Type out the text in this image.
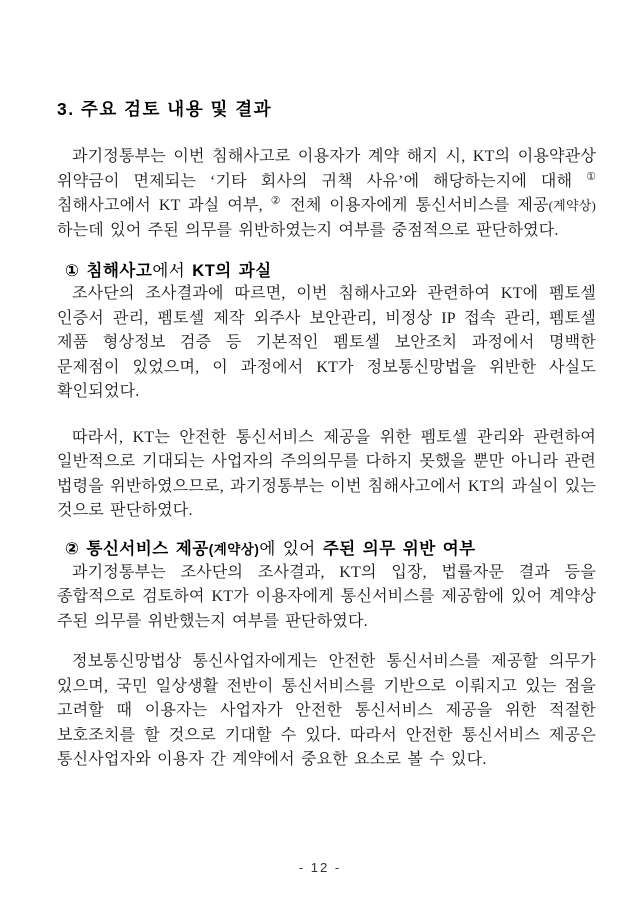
3. 주요 검토 내용 및 결과

과기정통부는 이번 침해사고로 이용자가 계약 해지 시, KT의 이용약관상 위약금이 면제되는 ‘기타 회사의 귀책 사유’에 해당하는지에 대해 ① 침해사고에서 KT 과실 여부, ② 전체 이용자에게 통신서비스를 제공(계약상)하는데 있어 주된 의무를 위반하였는지 여부를 중점적으로 판단하였다.

① 침해사고에서 KT의 과실

조사단의 조사결과에 따르면, 이번 침해사고와 관련하여 KT에 펨토셀 인증서 관리, 펨토셀 제작 외주사 보안관리, 비정상 IP 접속 관리, 펨토셀 제품 형상정보 검증 등 기본적인 펨토셀 보안조치 과정에서 명백한 문제점이 있었으며, 이 과정에서 KT가 정보통신망법을 위반한 사실도 확인되었다.

따라서, KT는 안전한 통신서비스 제공을 위한 펨토셀 관리와 관련하여 일반적으로 기대되는 사업자의 주의의무를 다하지 못했을 뿐만 아니라 관련 법령을 위반하였으므로, 과기정통부는 이번 침해사고에서 KT의 과실이 있는 것으로 판단하였다.

② 통신서비스 제공(계약상)에 있어 주된 의무 위반 여부

과기정통부는 조사단의 조사결과, KT의 입장, 법률자문 결과 등을 종합적으로 검토하여 KT가 이용자에게 통신서비스를 제공함에 있어 계약상 주된 의무를 위반했는지 여부를 판단하였다.

정보통신망법상 통신사업자에게는 안전한 통신서비스를 제공할 의무가 있으며, 국민 일상생활 전반이 통신서비스를 기반으로 이뤄지고 있는 점을 고려할 때 이용자는 사업자가 안전한 통신서비스 제공을 위한 적절한 보호조치를 할 것으로 기대할 수 있다. 따라서 안전한 통신서비스 제공은 통신사업자와 이용자 간 계약에서 중요한 요소로 볼 수 있다.

- 12 -
